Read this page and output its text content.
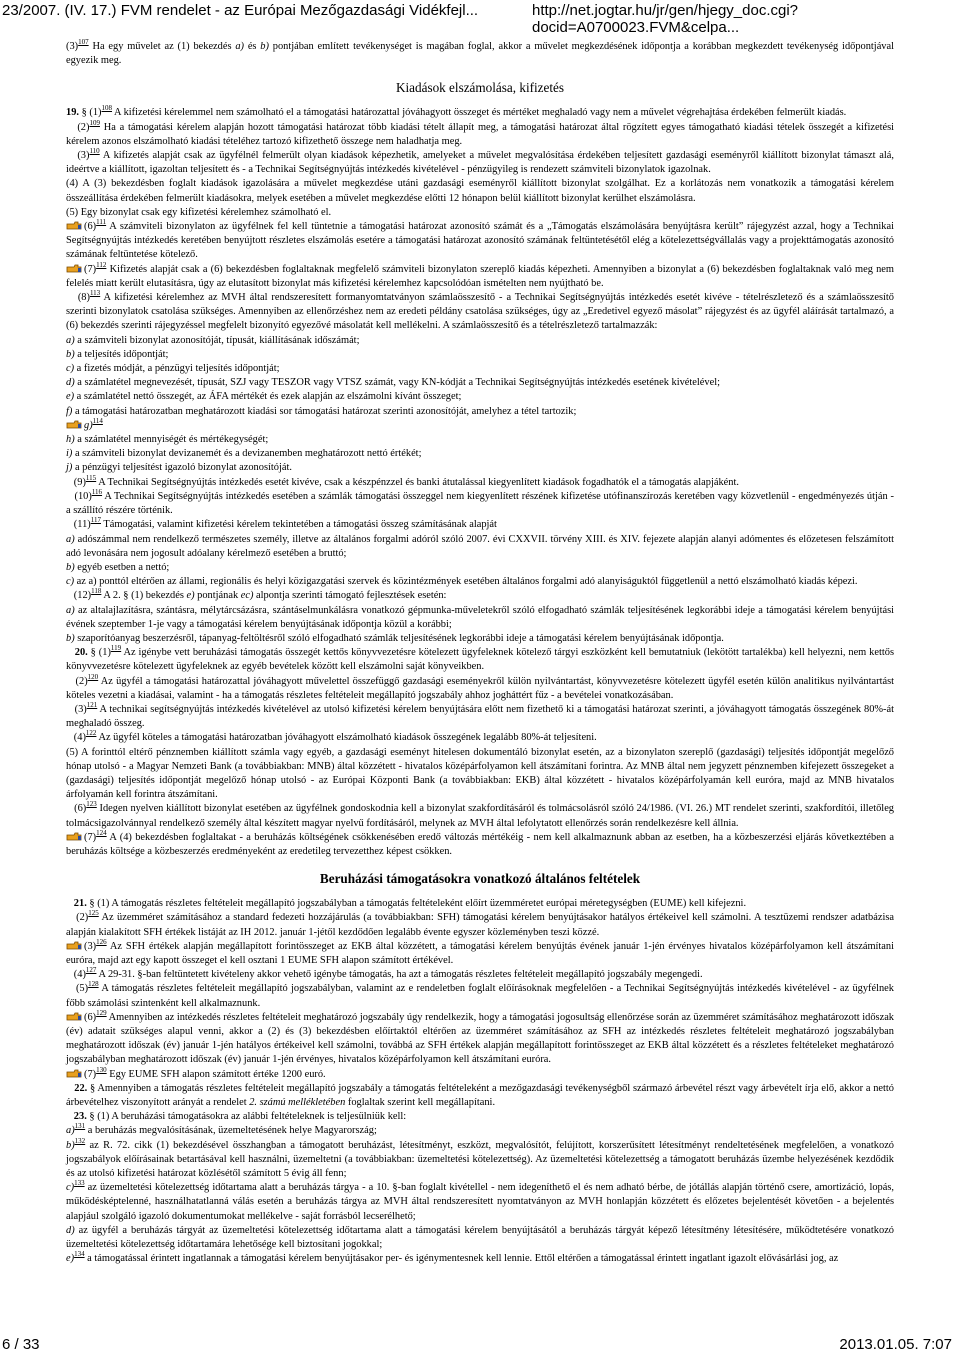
23/2007. (IV. 17.) FVM rendelet - az Európai Mezőgazdasági Vidékfejl...	http://net.jogtar.hu/jr/gen/hjegy_doc.cgi?docid=A0700023.FVM&celpa...

$(3)^{107}$ Ha egy művelet az (1) bekezdés a) és b) pontjában említett tevékenységet is magában foglal, akkor a művelet megkezdésének időpontja a korábban megkezdett tevékenység időpontjával egyezik meg.

Kiadások elszámolása, kifizetés

19. § $(1)^{108}$ A kifizetési kérelemmel nem számolható el a támogatási határozattal jóváhagyott összeget és mértéket meghaladó vagy nem a művelet végrehajtása érdekében felmerült kiadás.

$(2)^{109}$ Ha a támogatási kérelem alapján hozott támogatási határozat több kiadási tételt állapít meg, a támogatási határozat által rögzített egyes támogatható kiadási tételek összegét a kifizetési kérelem azonos elszámolható kiadási tételéhez tartozó kifizethető összege nem haladhatja meg.

$(3)^{110}$ A kifizetés alapját csak az ügyfélnél felmerült olyan kiadások képezhetik, amelyeket a művelet megvalósítása érdekében teljesített gazdasági eseményről kiállított bizonylat támaszt alá, ideértve a kiállított, igazoltan teljesített és - a Technikai Segítségnyújtás intézkedés kivételével - pénzügyileg is rendezett számviteli bizonylatok igazolnak.

(4) A (3) bekezdésben foglalt kiadások igazolására a művelet megkezdése utáni gazdasági eseményről kiállított bizonylat szolgálhat. Ez a korlátozás nem vonatkozik a támogatási kérelem összeállítása érdekében felmerült kiadásokra, melyek esetében a művelet megkezdése előtti 12 hónapon belül kiállított bizonylat kerülhet elszámolásra.

(5) Egy bizonylat csak egy kifizetési kérelemhez számolható el.

$(6)^{111}$ A számviteli bizonylaton az ügyfélnek fel kell tüntetnie a támogatási határozat azonosító számát és a „Támogatás elszámolására benyújtásra került” rájegyzést azzal, hogy a Technikai Segítségnyújtás intézkedés keretében benyújtott részletes elszámolás esetére a támogatási határozat azonosító számának feltüntetésétől elég a kötelezettségvállalás vagy a projekttámogatás azonosító számának feltüntetése kötelező.

$(7)^{112}$ Kifizetés alapját csak a (6) bekezdésben foglaltaknak megfelelő számviteli bizonylaton szereplő kiadás képezheti. Amennyiben a bizonylat a (6) bekezdésben foglaltaknak való meg nem felelés miatt került elutasításra, úgy az elutasított bizonylat más kifizetési kérelemhez kapcsolódóan ismételten nem nyújtható be.

$(8)^{113}$ A kifizetési kérelemhez az MVH által rendszeresített formanyomtatványon számlaösszesítő - a Technikai Segítségnyújtás intézkedés esetét kivéve - tételrészletező és a számlaösszesítő szerinti bizonylatok csatolása szükséges. Amennyiben az ellenőrzéshez nem az eredeti példány csatolása szükséges, úgy az „Eredetivel egyező másolat” rájegyzést és az ügyfél aláírását tartalmazó, a (6) bekezdés szerinti rájegyzéssel megfelelt bizonyító egyezővé másolatát kell mellékelni. A számlaösszesítő és a tételrészletező tartalmazzák:

a) a számviteli bizonylat azonosítóját, típusát, kiállításának időszámát;

b) a teljesítés időpontját;

c) a fizetés módját, a pénzügyi teljesítés időpontját;

d) a számlatétel megnevezését, típusát, SZJ vagy TESZOR vagy VTSZ számát, vagy KN-kódját a Technikai Segítségnyújtás intézkedés esetének kivételével;

e) a számlatétel nettó összegét, az ÁFA mértékét és ezek alapján az elszámolni kívánt összeget;

f) a támogatási határozatban meghatározott kiadási sor támogatási határozat szerinti azonosítóját, amelyhez a tétel tartozik;

g)$^{114}$

h) a számlatétel mennyiségét és mértékegységét;

i) a számviteli bizonylat devizanemét és a devizanemben meghatározott nettó értékét;

j) a pénzügyi teljesítést igazoló bizonylat azonosítóját.

$(9)^{115}$ A Technikai Segítségnyújtás intézkedés esetét kivéve, csak a készpénzzel és banki átutalással kiegyenlített kiadások fogadhatók el a támogatás alapjáként.

$(10)^{116}$ A Technikai Segítségnyújtás intézkedés esetében a számlák támogatási összeggel nem kiegyenlített részének kifizetése utófinanszírozás keretében vagy közvetlenül - engedményezés útján - a szállító részére történik.

$(11)^{117}$ Támogatási, valamint kifizetési kérelem tekintetében a támogatási összeg számításának alapját

a) adószámmal nem rendelkező természetes személy, illetve az általános forgalmi adóról szóló 2007. évi CXXVII. törvény XIII. és XIV. fejezete alapján alanyi adómentes és előzetesen felszámított adó levonására nem jogosult adóalany kérelmező esetében a bruttó;

b) egyéb esetben a nettó;

c) az a) ponttól eltérően az állami, regionális és helyi közigazgatási szervek és közintézmények esetében általános forgalmi adó alanyiságuktól függetlenül a nettó elszámolható kiadás képezi.

$(12)^{118}$ A 2. § (1) bekezdés e) pontjának ec) alpontja szerinti támogató fejlesztések esetén:

a) az altalajlazításra, szántásra, mélytárcsázásra, szántáselmunkálásra vonatkozó gépmunka-műveletekről szóló elfogadható számlák teljesítésének legkorábbi ideje a támogatási kérelem benyújtási évének szeptember 1-je vagy a támogatási kérelem benyújtásának időpontja közül a korábbi;

b) szaporítóanyag beszerzésről, tápanyag-feltöltésről szóló elfogadható számlák teljesítésének legkorábbi ideje a támogatási kérelem benyújtásának időpontja.

20. § $(1)^{119}$ Az igénybe vett beruházási támogatás összegét kettős könyvvezetésre kötelezett ügyfeleknek kötelező tárgyi eszközként kell bemutatniuk (lekötött tartalékba) kell helyezni, nem kettős könyvvezetésre kötelezett ügyfeleknek az egyéb bevételek között kell elszámolni saját könyveikben.

$(2)^{120}$ Az ügyfél a támogatási határozattal jóváhagyott művelettel összefüggő gazdasági eseményekről külön nyilvántartást, könyvvezetésre kötelezett ügyfél esetén külön analitikus nyilvántartást köteles vezetni a kiadásai, valamint - ha a támogatás részletes feltételeit megállapító jogszabály ahhoz jogháttért fűz - a bevételei vonatkozásában.

$(3)^{121}$ A technikai segítségnyújtás intézkedés kivételével az utolsó kifizetési kérelem benyújtására előtt nem fizethető ki a támogatási határozat szerinti, a jóváhagyott támogatás összegének 80%-át meghaladó összeg.

$(4)^{122}$ Az ügyfél köteles a támogatási határozatban jóváhagyott elszámolható kiadások összegének legalább 80%-át teljesíteni.

(5) A forinttól eltérő pénznemben kiállított számla vagy egyéb, a gazdasági eseményt hitelesen dokumentáló bizonylat esetén, az a bizonylaton szereplő (gazdasági) teljesítés időpontját megelőző hónap utolsó - a Magyar Nemzeti Bank (a továbbiakban: MNB) által közzétett - hivatalos középárfolyamon kell átszámítani forintra. Az MNB által nem jegyzett pénznemben kifejezett összegeket a (gazdasági) teljesítés időpontját megelőző hónap utolsó - az Európai Központi Bank (a továbbiakban: EKB) által közzétett - hivatalos középárfolyamán kell euróra, majd az MNB hivatalos árfolyamán kell forintra átszámítani.

$(6)^{123}$ Idegen nyelven kiállított bizonylat esetében az ügyfélnek gondoskodnia kell a bizonylat szakfordításáról és tolmácsolásról szóló 24/1986. (VI. 26.) MT rendelet szerinti, szakfordítói, illetőleg tolmácsigazolvánnyal rendelkező személy által készített magyar nyelvű fordításáról, melynek az MVH által lefolytatott ellenőrzés során rendelkezésre kell állnia.

$(7)^{124}$ A (4) bekezdésben foglaltakat - a beruházás költségének csökkenésében eredő változás mértékéig - nem kell alkalmaznunk abban az esetben, ha a közbeszerzési eljárás következtében a beruházás költsége a közbeszerzés eredményeként az eredetileg tervezetthez képest csökken.

Beruházási támogatásokra vonatkozó általános feltételek

21. § (1) A támogatás részletes feltételeit megállapító jogszabályban a támogatás feltételeként előírt üzemméretet európai méretegységben (EUME) kell kifejezni.

$(2)^{125}$ Az üzemméret számításához a standard fedezeti hozzájárulás (a továbbiakban: SFH) támogatási kérelem benyújtásakor hatályos értékeivel kell számolni. A tesztüzemi rendszer adatbázisa alapján kialakított SFH értékek listáját az IH 2012. január 1-jétől kezdődően legalább évente egyszer közleményben teszi közzé.

$(3)^{126}$ Az SFH értékek alapján megállapított forintösszeget az EKB által közzétett, a támogatási kérelem benyújtás évének január 1-jén érvényes hivatalos középárfolyamon kell átszámítani euróra, majd azt egy kapott összeget el kell osztani 1 EUME SFH alapon számított értékével.

$(4)^{127}$ A 29-31. §-ban feltüntetett kivételeny akkor vehető igénybe támogatás, ha azt a támogatás részletes feltételeit megállapító jogszabály megengedi.

$(5)^{128}$ A támogatás részletes feltételeit megállapító jogszabályban, valamint az e rendeletben foglalt előírásoknak megfelelően - a Technikai Segítségnyújtás intézkedés kivételével - az ügyfélnek főbb számolási szintenként kell alkalmaznunk.

$(6)^{129}$ Amennyiben az intézkedés részletes feltételeit meghatározó jogszabály úgy rendelkezik, hogy a támogatási jogosultság ellenőrzése során az üzemméret számításához meghatározott időszak (év) adatait szükséges alapul venni, akkor a (2) és (3) bekezdésben előírtaktól eltérően az üzemméret számításához az SFH az intézkedés részletes feltételeit meghatározó jogszabályban meghatározott időszak (év) január 1-jén hatályos értékeivel kell számolni, továbbá az SFH értékek alapján megállapított forintösszeget az EKB által közzétett és a részletes feltételeket meghatározó jogszabályban meghatározott időszak (év) január 1-jén érvényes, hivatalos középárfolyamon kell átszámítani euróra.

$(7)^{130}$ Egy EUME SFH alapon számított értéke 1200 euró.

22. § Amennyiben a támogatás részletes feltételeit megállapító jogszabály a támogatás feltételeként a mezőgazdasági tevékenységből származó árbevétel részt vagy árbevételt írja elő, akkor a nettó árbevételhez viszonyított arányát a rendelet 2. számú mellékletében foglaltak szerint kell megállapítani.

23. § (1) A beruházási támogatásokra az alábbi feltételeknek is teljesülniük kell:

a)$^{131}$ a beruházás megvalósításának, üzemeltetésének helye Magyarország;

b)$^{132}$ az R. 72. cikk (1) bekezdésével összhangban a támogatott beruházást, létesítményt, eszközt, megvalósítót, felújított, korszerűsített létesítményt rendeltetésének megfelelően, a vonatkozó jogszabályok előírásainak betartásával kell használni, üzemeltetni (a továbbiakban: üzemeltetési kötelezettség). Az üzemeltetési kötelezettség a támogatott beruházás üzembe helyezésének kezdődik és az utolsó kifizetési határozat közlésétől számított 5 évig áll fenn;

c)$^{133}$ az üzemeltetési kötelezettség időtartama alatt a beruházás tárgya - a 10. §-ban foglalt kivétellel - nem idegeníthető el és nem adható bérbe, de jótállás alapján történő csere, amortizáció, lopás, működésképtelenné, használhatatlanná válás esetén a beruházás tárgya az MVH által rendszeresített nyomtatványon az MVH honlapján közzétett és előzetes bejelentését követően - a bejelentés alapjául szolgáló igazoló dokumentumokat mellékelve - saját forrásból lecserélhető;

d) az ügyfél a beruházás tárgyát az üzemeltetési kötelezettség időtartama alatt a támogatási kérelem benyújtásától a beruházás tárgyát képező létesítmény létesítésére, működtetésére vonatkozó üzemeltetési kötelezettség időtartamára lehetősége kell biztosítani jogokkal;

e)$^{134}$ a támogatással érintett ingatlannak a támogatási kérelem benyújtásakor per- és igénymentesnek kell lennie. Ettől eltérően a támogatással érintett ingatlant igazolt elővásárlási jog, az

6 / 33	2013.01.05. 7:07
